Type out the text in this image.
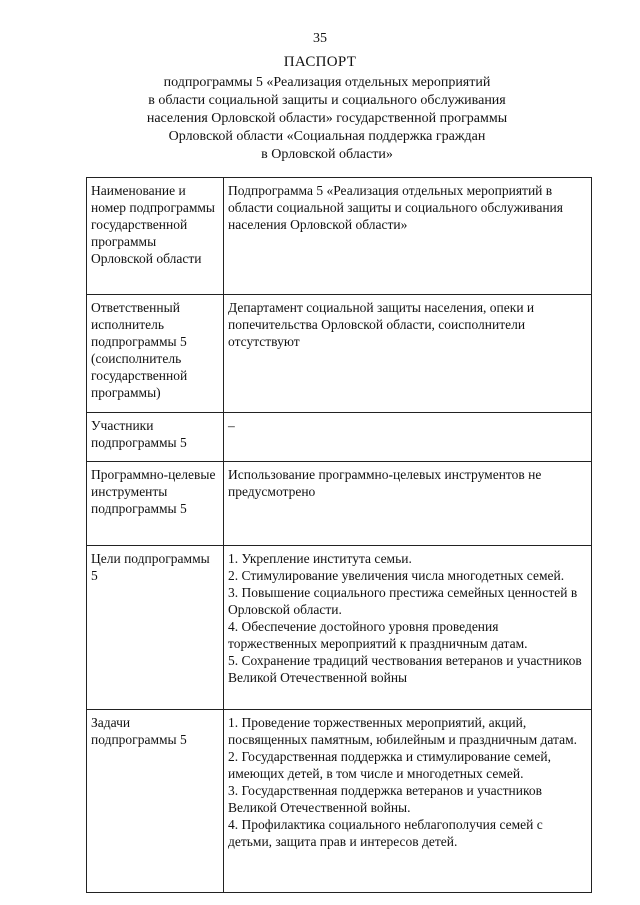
35
ПАСПОРТ
подпрограммы 5 «Реализация отдельных мероприятий
в области социальной защиты и социального обслуживания
населения Орловской области» государственной программы
Орловской области «Социальная поддержка граждан
в Орловской области»
Наименование и номер подпрограммы государственной программы Орловской области	Подпрограмма 5 «Реализация отдельных мероприятий в области социальной защиты и социального обслуживания населения Орловской области»

Ответственный исполнитель подпрограммы 5 (соисполнитель государственной программы)	Департамент социальной защиты населения, опеки и попечительства Орловской области, соисполнители отсутствуют

Участники подпрограммы 5	–

Программно-целевые инструменты подпрограммы 5	Использование программно-целевых инструментов не предусмотрено

Цели подпрограммы 5	1. Укрепление института семьи.
2. Стимулирование увеличения числа многодетных семей.
3. Повышение социального престижа семейных ценностей в Орловской области.
4. Обеспечение достойного уровня проведения торжественных мероприятий к праздничным датам.
5. Сохранение традиций чествования ветеранов и участников Великой Отечественной войны

Задачи подпрограммы 5	1. Проведение торжественных мероприятий, акций, посвященных памятным, юбилейным и праздничным датам.
2. Государственная поддержка и стимулирование семей, имеющих детей, в том числе и многодетных семей.
3. Государственная поддержка ветеранов и участников Великой Отечественной войны.
4. Профилактика социального неблагополучия семей с детьми, защита прав и интересов детей.
